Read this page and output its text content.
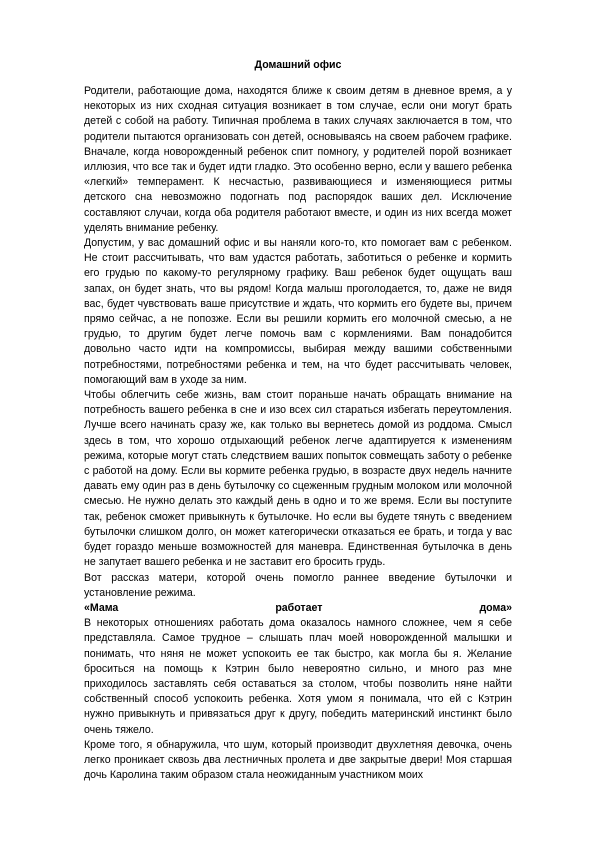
Домашний офис

Родители, работающие дома, находятся ближе к своим детям в дневное время, а у некоторых из них сходная ситуация возникает в том случае, если они могут брать детей с собой на работу. Типичная проблема в таких случаях заключается в том, что родители пытаются организовать сон детей, основываясь на своем рабочем графике. Вначале, когда новорожденный ребенок спит помногу, у родителей порой возникает иллюзия, что все так и будет идти гладко. Это особенно верно, если у вашего ребенка «легкий» темперамент. К несчастью, развивающиеся и изменяющиеся ритмы детского сна невозможно подогнать под распорядок ваших дел. Исключение составляют случаи, когда оба родителя работают вместе, и один из них всегда может уделять внимание ребенку.

Допустим, у вас домашний офис и вы наняли кого-то, кто помогает вам с ребенком. Не стоит рассчитывать, что вам удастся работать, заботиться о ребенке и кормить его грудью по какому-то регулярному графику. Ваш ребенок будет ощущать ваш запах, он будет знать, что вы рядом! Когда малыш проголодается, то, даже не видя вас, будет чувствовать ваше присутствие и ждать, что кормить его будете вы, причем прямо сейчас, а не попозже. Если вы решили кормить его молочной смесью, а не грудью, то другим будет легче помочь вам с кормлениями. Вам понадобится довольно часто идти на компромиссы, выбирая между вашими собственными потребностями, потребностями ребенка и тем, на что будет рассчитывать человек, помогающий вам в уходе за ним.

Чтобы облегчить себе жизнь, вам стоит пораньше начать обращать внимание на потребность вашего ребенка в сне и изо всех сил стараться избегать переутомления. Лучше всего начинать сразу же, как только вы вернетесь домой из роддома. Смысл здесь в том, что хорошо отдыхающий ребенок легче адаптируется к изменениям режима, которые могут стать следствием ваших попыток совмещать заботу о ребенке с работой на дому. Если вы кормите ребенка грудью, в возрасте двух недель начните давать ему один раз в день бутылочку со сцеженным грудным молоком или молочной смесью. Не нужно делать это каждый день в одно и то же время. Если вы поступите так, ребенок сможет привыкнуть к бутылочке. Но если вы будете тянуть с введением бутылочки слишком долго, он может категорически отказаться ее брать, и тогда у вас будет гораздо меньше возможностей для маневра. Единственная бутылочка в день не запутает вашего ребенка и не заставит его бросить грудь.

Вот рассказ матери, которой очень помогло раннее введение бутылочки и установление режима.

«Мама	работает	дома»

В некоторых отношениях работать дома оказалось намного сложнее, чем я себе представляла. Самое трудное – слышать плач моей новорожденной малышки и понимать, что няня не может успокоить ее так быстро, как могла бы я. Желание броситься на помощь к Кэтрин было невероятно сильно, и много раз мне приходилось заставлять себя оставаться за столом, чтобы позволить няне найти собственный способ успокоить ребенка. Хотя умом я понимала, что ей с Кэтрин нужно привыкнуть и привязаться друг к другу, победить материнский инстинкт было очень тяжело.

Кроме того, я обнаружила, что шум, который производит двухлетняя девочка, очень легко проникает сквозь два лестничных пролета и две закрытые двери! Моя старшая дочь Каролина таким образом стала неожиданным участником моих
